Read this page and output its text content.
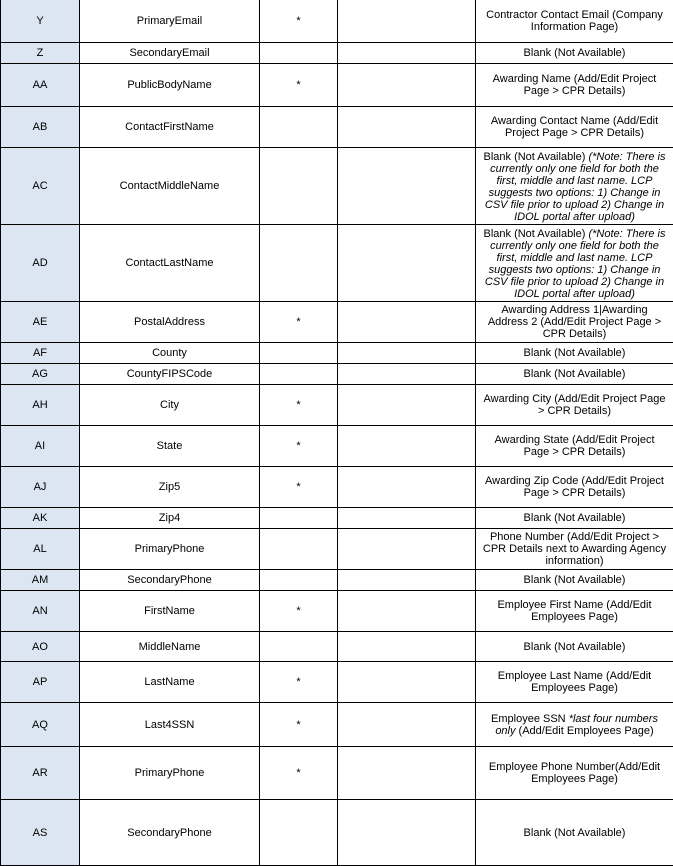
Y	PrimaryEmail	*		Contractor Contact Email (Company Information Page)
Z	SecondaryEmail			Blank (Not Available)
AA	PublicBodyName	*		Awarding Name (Add/Edit Project Page > CPR Details)
AB	ContactFirstName			Awarding Contact Name (Add/Edit Project Page > CPR Details)
AC	ContactMiddleName			Blank (Not Available) (*Note: There is currently only one field for both the first, middle and last name. LCP suggests two options: 1) Change in CSV file prior to upload 2) Change in IDOL portal after upload)
AD	ContactLastName			Blank (Not Available) (*Note: There is currently only one field for both the first, middle and last name. LCP suggests two options: 1) Change in CSV file prior to upload 2) Change in IDOL portal after upload)
AE	PostalAddress	*		Awarding Address 1|Awarding Address 2 (Add/Edit Project Page > CPR Details)
AF	County			Blank (Not Available)
AG	CountyFIPSCode			Blank (Not Available)
AH	City	*		Awarding City (Add/Edit Project Page > CPR Details)
AI	State	*		Awarding State (Add/Edit Project Page > CPR Details)
AJ	Zip5	*		Awarding Zip Code (Add/Edit Project Page > CPR Details)
AK	Zip4			Blank (Not Available)
AL	PrimaryPhone			Phone Number (Add/Edit Project > CPR Details next to Awarding Agency information)
AM	SecondaryPhone			Blank (Not Available)
AN	FirstName	*		Employee First Name (Add/Edit Employees Page)
AO	MiddleName			Blank (Not Available)
AP	LastName	*		Employee Last Name (Add/Edit Employees Page)
AQ	Last4SSN	*		Employee SSN *last four numbers only (Add/Edit Employees Page)
AR	PrimaryPhone	*		Employee Phone Number(Add/Edit Employees Page)
AS	SecondaryPhone			Blank (Not Available)
